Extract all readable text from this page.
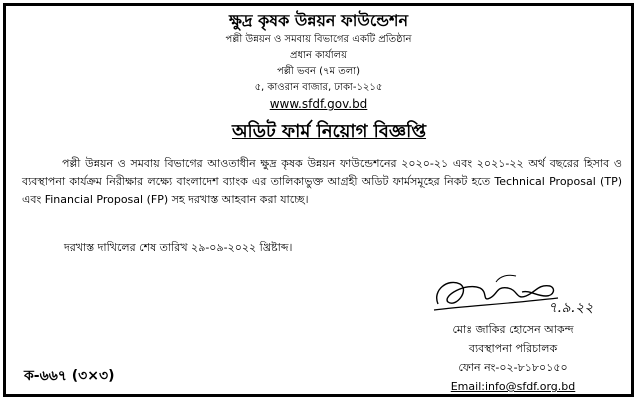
ক্ষুদ্র কৃষক উন্নয়ন ফাউন্ডেশন
পল্লী উন্নয়ন ও সমবায় বিভাগের একটি প্রতিষ্ঠান
প্রধান কার্যালয়
পল্লী ভবন (৭ম তলা)
৫, কাওরান বাজার, ঢাকা-১২১৫
www.sfdf.gov.bd
অডিট ফার্ম নিয়োগ বিজ্ঞপ্তি
পল্লী উন্নয়ন ও সমবায় বিভাগের আওতাধীন ক্ষুদ্র কৃষক উন্নয়ন ফাউন্ডেশনের ২০২০-২১ এবং ২০২১-২২ অর্থ বছরের হিসাব ও ব্যবস্থাপনা কার্যক্রম নিরীক্ষার লক্ষ্যে বাংলাদেশ ব্যাংক এর তালিকাভুক্ত আগ্রহী অডিট ফার্মসমূহের নিকট হতে Technical Proposal (TP) এবং Financial Proposal (FP) সহ দরখাস্ত আহবান করা যাচ্ছে।
দরখাস্ত দাখিলের শেষ তারিখ ২৯-০৯-২০২২ খ্রিষ্টাব্দ।
৭.৯.২২
মোঃ জাকির হোসেন আকন্দ
ব্যবস্থাপনা পরিচালক
ফোন নং-০২-৮১৮০১৫০
Email:info@sfdf.org.bd
ক-৬৬৭ (৩×৩)
